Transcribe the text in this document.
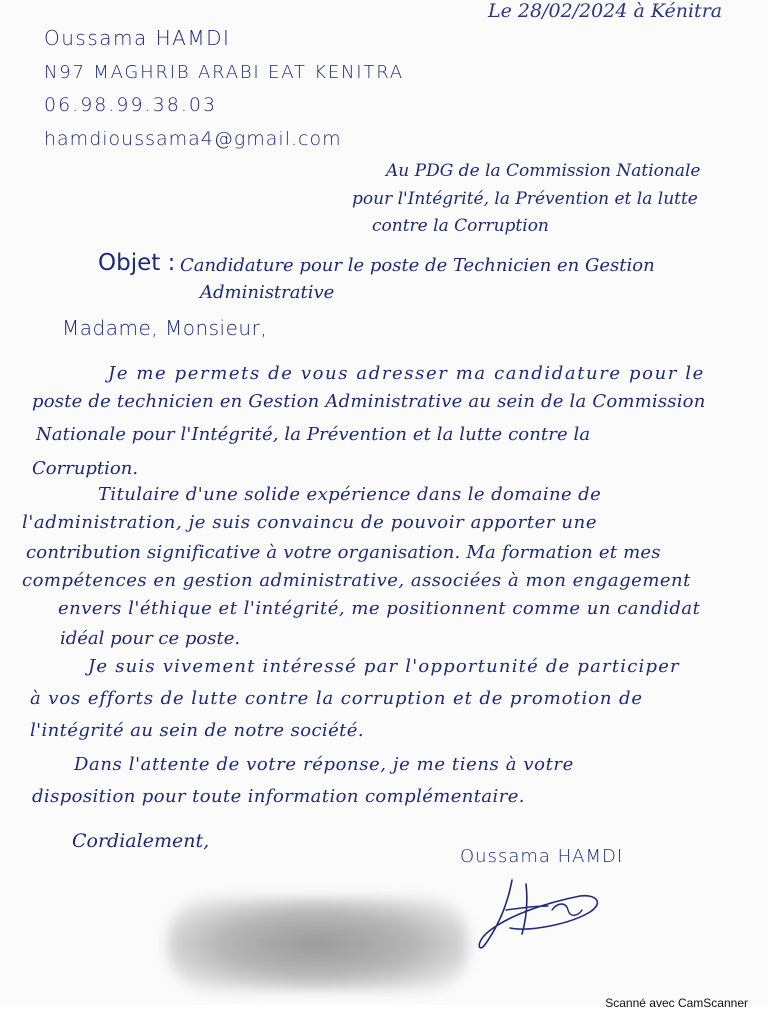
Le 28/02/2024 à Kénitra
Oussama HAMDI
N97 MAGHRIB ARABI EAT KENITRA
06.98.99.38.03
hamdioussama4@gmail.com
Au PDG de la Commission Nationale
pour l'Intégrité, la Prévention et la lutte
contre la Corruption
Objet : Candidature pour le poste de Technicien en Gestion
Administrative
Madame, Monsieur,
Je me permets de vous adresser ma candidature pour le
poste de technicien en Gestion Administrative au sein de la Commission
Nationale pour l'Intégrité, la Prévention et la lutte contre la
Corruption.
Titulaire d'une solide expérience dans le domaine de
l'administration, je suis convaincu de pouvoir apporter une
contribution significative à votre organisation. Ma formation et mes
compétences en gestion administrative, associées à mon engagement
envers l'éthique et l'intégrité, me positionnent comme un candidat
idéal pour ce poste.
Je suis vivement intéressé par l'opportunité de participer
à vos efforts de lutte contre la corruption et de promotion de
l'intégrité au sein de notre société.
Dans l'attente de votre réponse, je me tiens à votre
disposition pour toute information complémentaire.
Cordialement,
Oussama HAMDI
Scanné avec CamScanner
